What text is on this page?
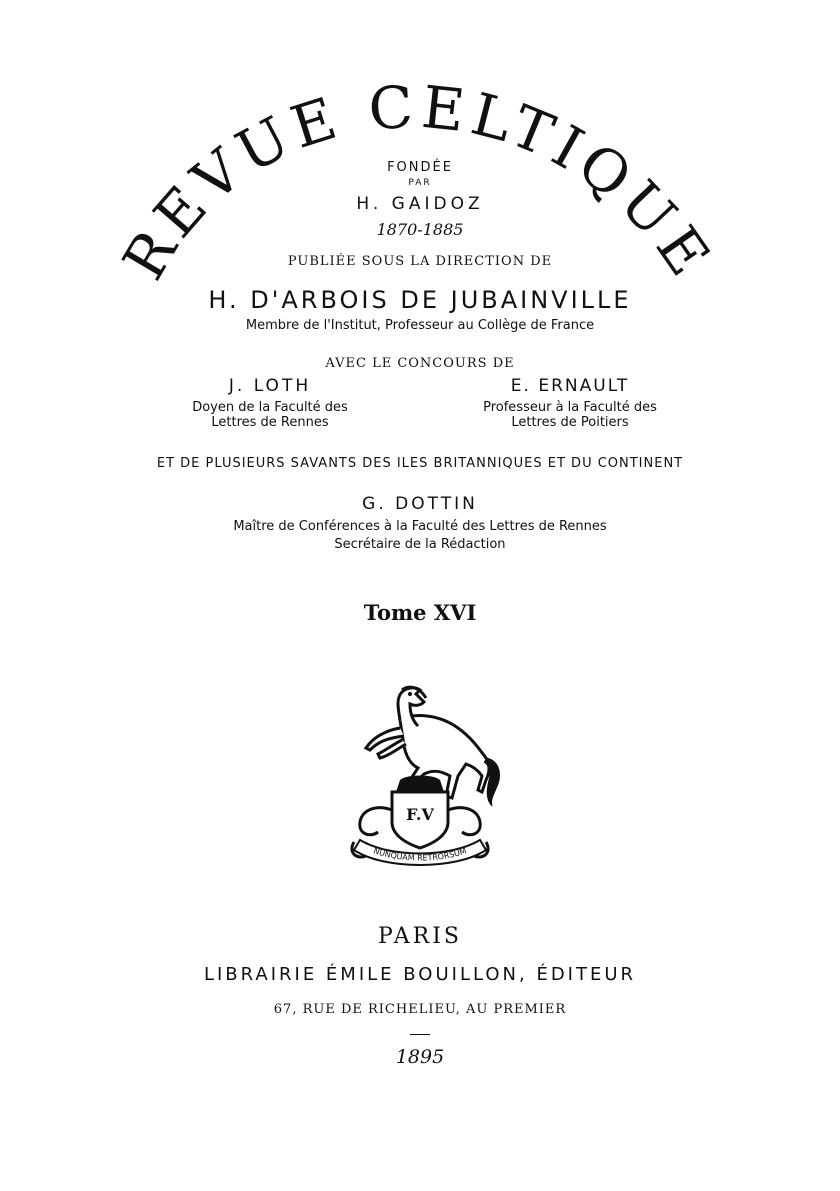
REVUE CELTIQUE
FONDÉE
PAR
H. GAIDOZ
1870-1885
PUBLIÉE SOUS LA DIRECTION DE
H. D'ARBOIS DE JUBAINVILLE
Membre de l'Institut, Professeur au Collège de France
AVEC LE CONCOURS DE
J. LOTH
Doyen de la Faculté des
Lettres de Rennes
E. ERNAULT
Professeur à la Faculté des
Lettres de Poitiers
ET DE PLUSIEURS SAVANTS DES ILES BRITANNIQUES ET DU CONTINENT
G. DOTTIN
Maître de Conférences à la Faculté des Lettres de Rennes
Secrétaire de la Rédaction
Tome XVI
F.V
NUNQUAM RETRORSUM
PARIS
LIBRAIRIE ÉMILE BOUILLON, ÉDITEUR
67, RUE DE RICHELIEU, AU PREMIER
1895
